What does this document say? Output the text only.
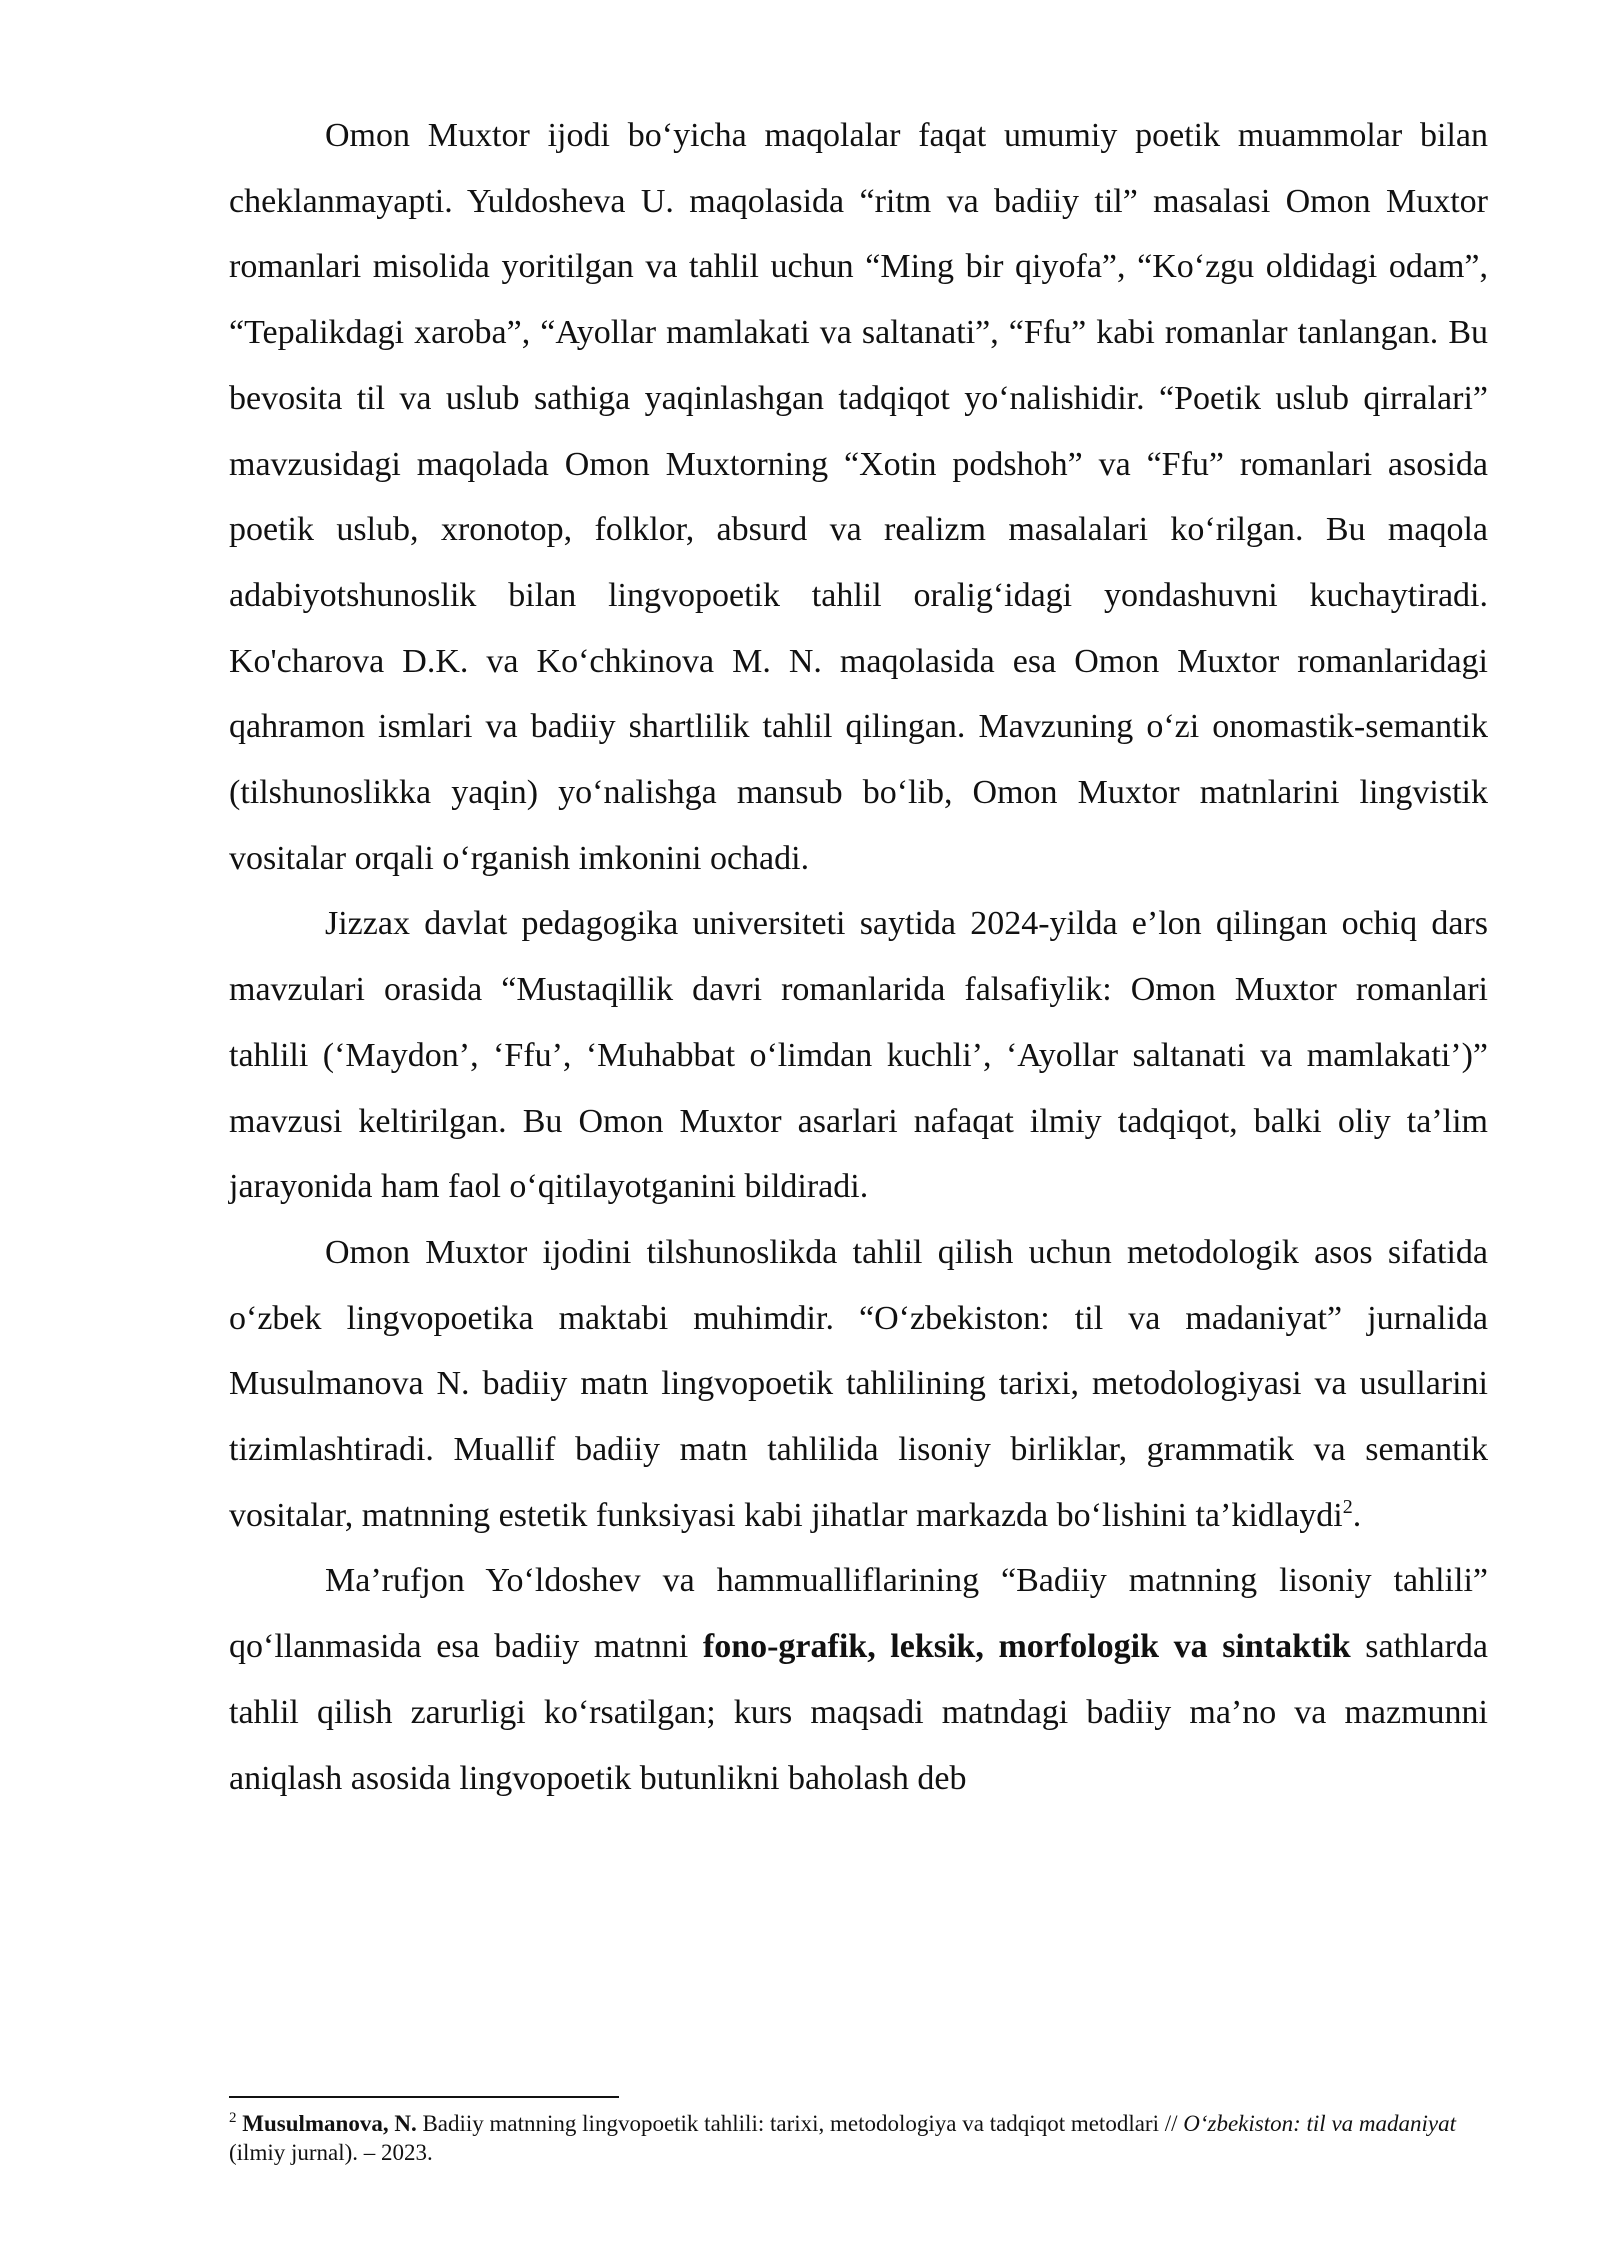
Omon Muxtor ijodi bo‘yicha maqolalar faqat umumiy poetik muammolar bilan cheklanmayapti. Yuldosheva U. maqolasida “ritm va badiiy til” masalasi Omon Muxtor romanlari misolida yoritilgan va tahlil uchun “Ming bir qiyofa”, “Ko‘zgu oldidagi odam”, “Tepalikdagi xaroba”, “Ayollar mamlakati va saltanati”, “Ffu” kabi romanlar tanlangan. Bu bevosita til va uslub sathiga yaqinlashgan tadqiqot yo‘nalishidir. “Poetik uslub qirralari” mavzusidagi maqolada Omon Muxtorning “Xotin podshoh” va “Ffu” romanlari asosida poetik uslub, xronotop, folklor, absurd va realizm masalalari ko‘rilgan. Bu maqola adabiyotshunoslik bilan lingvopoetik tahlil oralig‘idagi yondashuvni kuchaytiradi. Ko'charova D.K. va Ko‘chkinova M. N. maqolasida esa Omon Muxtor romanlaridagi qahramon ismlari va badiiy shartlilik tahlil qilingan. Mavzuning o‘zi onomastik-semantik (tilshunoslikka yaqin) yo‘nalishga mansub bo‘lib, Omon Muxtor matnlarini lingvistik vositalar orqali o‘rganish imkonini ochadi.

Jizzax davlat pedagogika universiteti saytida 2024-yilda e’lon qilingan ochiq dars mavzulari orasida “Mustaqillik davri romanlarida falsafiylik: Omon Muxtor romanlari tahlili (‘Maydon’, ‘Ffu’, ‘Muhabbat o‘limdan kuchli’, ‘Ayollar saltanati va mamlakati’)” mavzusi keltirilgan. Bu Omon Muxtor asarlari nafaqat ilmiy tadqiqot, balki oliy ta’lim jarayonida ham faol o‘qitilayotganini bildiradi.

Omon Muxtor ijodini tilshunoslikda tahlil qilish uchun metodologik asos sifatida o‘zbek lingvopoetika maktabi muhimdir. “O‘zbekiston: til va madaniyat” jurnalida Musulmanova N. badiiy matn lingvopoetik tahlilining tarixi, metodologiyasi va usullarini tizimlashtiradi. Muallif badiiy matn tahlilida lisoniy birliklar, grammatik va semantik vositalar, matnning estetik funksiyasi kabi jihatlar markazda bo‘lishini ta’kidlaydi$^2$.

Ma’rufjon Yo‘ldoshev va hammualliflarining “Badiiy matnning lisoniy tahlili” qo‘llanmasida esa badiiy matnni fono-grafik, leksik, morfologik va sintaktik sathlarda tahlil qilish zarurligi ko‘rsatilgan; kurs maqsadi matndagi badiiy ma’no va mazmunni aniqlash asosida lingvopoetik butunlikni baholash deb

$^2$ Musulmanova, N. Badiiy matnning lingvopoetik tahlili: tarixi, metodologiya va tadqiqot metodlari // O‘zbekiston: til va madaniyat (ilmiy jurnal). – 2023.
